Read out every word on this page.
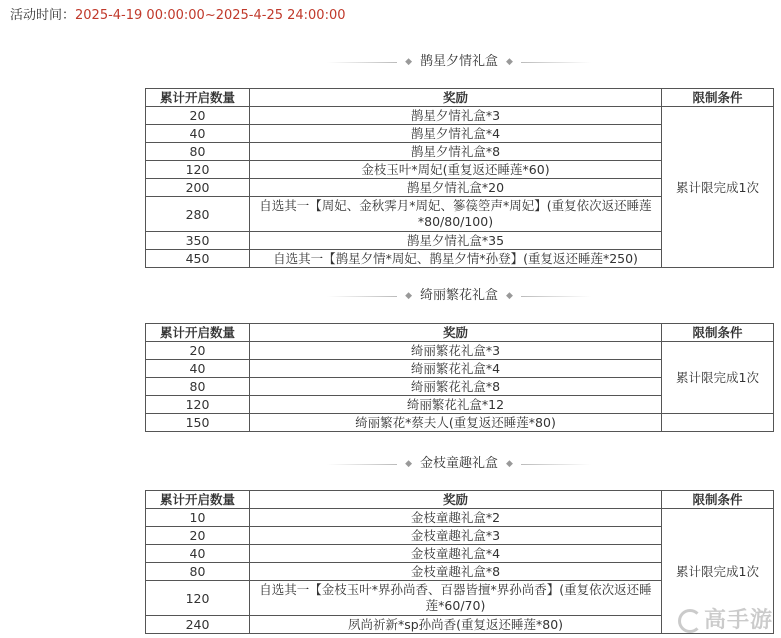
活动时间：2025-4-19 00:00:00~2025-4-25 24:00:00
◆ 鹊星夕情礼盒 ◆
累计开启数量	奖励	限制条件
20	鹊星夕情礼盒*3	累计限完成1次
40	鹊星夕情礼盒*4	
80	鹊星夕情礼盒*8	
120	金枝玉叶*周妃(重复返还睡莲*60)	
200	鹊星夕情礼盒*20	
280	自选其一【周妃、金秋霁月*周妃、篸篌箜声*周妃】(重复依次返还睡莲*80/80/100)	
350	鹊星夕情礼盒*35	
450	自选其一【鹊星夕情*周妃、鹊星夕情*孙登】(重复返还睡莲*250)	
◆ 绮丽繁花礼盒 ◆
累计开启数量	奖励	限制条件
20	绮丽繁花礼盒*3	累计限完成1次
40	绮丽繁花礼盒*4	
80	绮丽繁花礼盒*8	
120	绮丽繁花礼盒*12	
150	绮丽繁花*蔡夫人(重复返还睡莲*80)	
◆ 金枝童趣礼盒 ◆
累计开启数量	奖励	限制条件
10	金枝童趣礼盒*2	累计限完成1次
20	金枝童趣礼盒*3	
40	金枝童趣礼盒*4	
80	金枝童趣礼盒*8	
120	自选其一【金枝玉叶*界孙尚香、百器皆擅*界孙尚香】(重复依次返还睡莲*60/70)	
240	夙尚祈新*sp孙尚香(重复返还睡莲*80)		高手游
